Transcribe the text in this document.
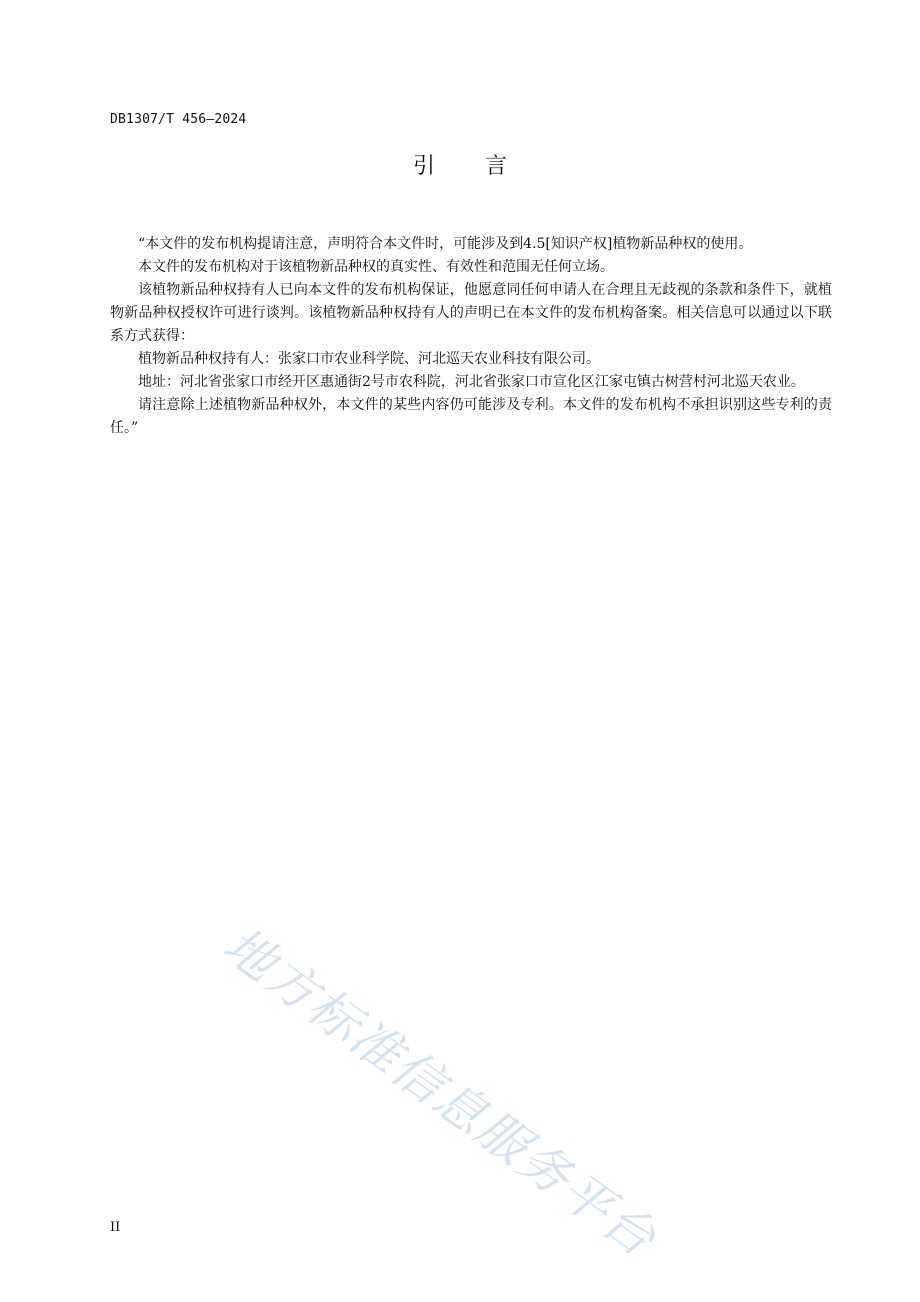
DB1307/T 456—2024
引言

“本文件的发布机构提请注意，声明符合本文件时，可能涉及到4.5[知识产权]植物新品种权的使用。

本文件的发布机构对于该植物新品种权的真实性、有效性和范围无任何立场。

该植物新品种权持有人已向本文件的发布机构保证，他愿意同任何申请人在合理且无歧视的条款和条件下，就植物新品种权授权许可进行谈判。该植物新品种权持有人的声明已在本文件的发布机构备案。相关信息可以通过以下联系方式获得：

植物新品种权持有人：张家口市农业科学院、河北巡天农业科技有限公司。

地址：河北省张家口市经开区惠通街2号市农科院，河北省张家口市宣化区江家屯镇古树营村河北巡天农业。

请注意除上述植物新品种权外，本文件的某些内容仍可能涉及专利。本文件的发布机构不承担识别这些专利的责任。”

地方标准信息服务平台
II
